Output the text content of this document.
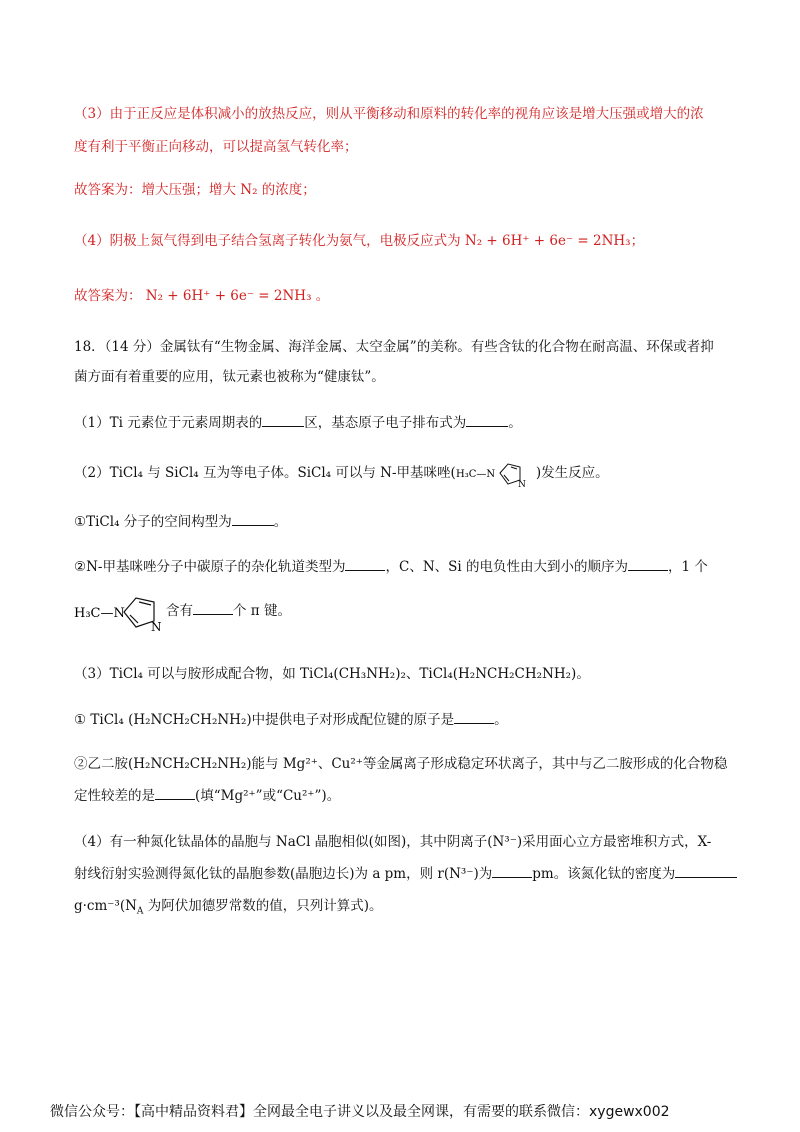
（3）由于正反应是体积减小的放热反应，则从平衡移动和原料的转化率的视角应该是增大压强或增大的浓
度有利于平衡正向移动，可以提高氢气转化率；
故答案为：增大压强；增大 N₂ 的浓度；
（4）阴极上氮气得到电子结合氢离子转化为氨气，电极反应式为 N₂ + 6H⁺ + 6e⁻ = 2NH₃；
故答案为： N₂ + 6H⁺ + 6e⁻ = 2NH₃ 。
18．（14 分）金属钛有“生物金属、海洋金属、太空金属”的美称。有些含钛的化合物在耐高温、环保或者抑
菌方面有着重要的应用，钛元素也被称为“健康钛”。
（1）Ti 元素位于元素周期表的	区，基态原子电子排布式为	。
（2）TiCl₄ 与 SiCl₄ 互为等电子体。SiCl₄ 可以与 N-甲基咪唑( H₃C—N
N
)发生反应。
①TiCl₄ 分子的空间构型为	。
②N-甲基咪唑分子中碳原子的杂化轨道类型为	，C、N、Si 的电负性由大到小的顺序为	，1 个
H₃C—N
N
含有	个 π 键。
（3）TiCl₄ 可以与胺形成配合物，如 TiCl₄(CH₃NH₂)₂、TiCl₄(H₂NCH₂CH₂NH₂)。
① TiCl₄ (H₂NCH₂CH₂NH₂)中提供电子对形成配位键的原子是	。
②乙二胺(H₂NCH₂CH₂NH₂)能与 Mg²⁺、Cu²⁺等金属离子形成稳定环状离子，其中与乙二胺形成的化合物稳
定性较差的是	(填“Mg²⁺”或“Cu²⁺”)。
（4）有一种氮化钛晶体的晶胞与 NaCl 晶胞相似(如图)，其中阴离子(N³⁻)采用面心立方最密堆积方式，X-
射线衍射实验测得氮化钛的晶胞参数(晶胞边长)为 a pm，则 r(N³⁻)为	pm。该氮化钛的密度为
$g\cdot cm^{-3}(N_A$ 为阿伏加德罗常数的值，只列计算式)。
微信公众号：【高中精品资料君】全网最全电子讲义以及最全网课，有需要的联系微信：xygewx002
